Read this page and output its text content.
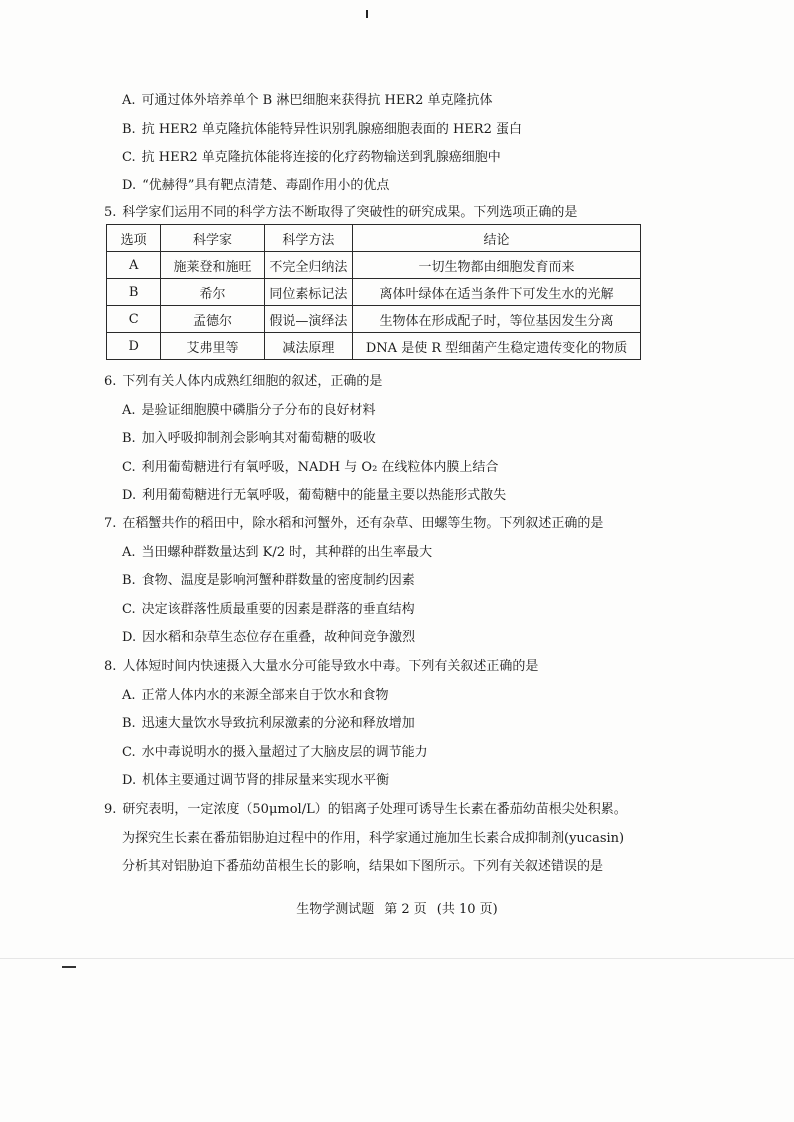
A. 可通过体外培养单个 B 淋巴细胞来获得抗 HER2 单克隆抗体
B. 抗 HER2 单克隆抗体能特异性识别乳腺癌细胞表面的 HER2 蛋白
C. 抗 HER2 单克隆抗体能将连接的化疗药物输送到乳腺癌细胞中
D. “优赫得”具有靶点清楚、毒副作用小的优点
5. 科学家们运用不同的科学方法不断取得了突破性的研究成果。下列选项正确的是
选项	科学家	科学方法	结论
A	施莱登和施旺	不完全归纳法	一切生物都由细胞发育而来
B	希尔	同位素标记法	离体叶绿体在适当条件下可发生水的光解
C	孟德尔	假说—演绎法	生物体在形成配子时，等位基因发生分离
D	艾弗里等	减法原理	DNA 是使 R 型细菌产生稳定遗传变化的物质
6. 下列有关人体内成熟红细胞的叙述，正确的是
A. 是验证细胞膜中磷脂分子分布的良好材料
B. 加入呼吸抑制剂会影响其对葡萄糖的吸收
C. 利用葡萄糖进行有氧呼吸，NADH 与 O₂ 在线粒体内膜上结合
D. 利用葡萄糖进行无氧呼吸，葡萄糖中的能量主要以热能形式散失
7. 在稻蟹共作的稻田中，除水稻和河蟹外，还有杂草、田螺等生物。下列叙述正确的是
A. 当田螺种群数量达到 K/2 时，其种群的出生率最大
B. 食物、温度是影响河蟹种群数量的密度制约因素
C. 决定该群落性质最重要的因素是群落的垂直结构
D. 因水稻和杂草生态位存在重叠，故种间竞争激烈
8. 人体短时间内快速摄入大量水分可能导致水中毒。下列有关叙述正确的是
A. 正常人体内水的来源全部来自于饮水和食物
B. 迅速大量饮水导致抗利尿激素的分泌和释放增加
C. 水中毒说明水的摄入量超过了大脑皮层的调节能力
D. 机体主要通过调节肾的排尿量来实现水平衡
9. 研究表明，一定浓度（50μmol/L）的铝离子处理可诱导生长素在番茄幼苗根尖处积累。
为探究生长素在番茄铝胁迫过程中的作用，科学家通过施加生长素合成抑制剂(yucasin)
分析其对铝胁迫下番茄幼苗根生长的影响，结果如下图所示。下列有关叙述错误的是
生物学测试题 第 2 页 (共 10 页)
